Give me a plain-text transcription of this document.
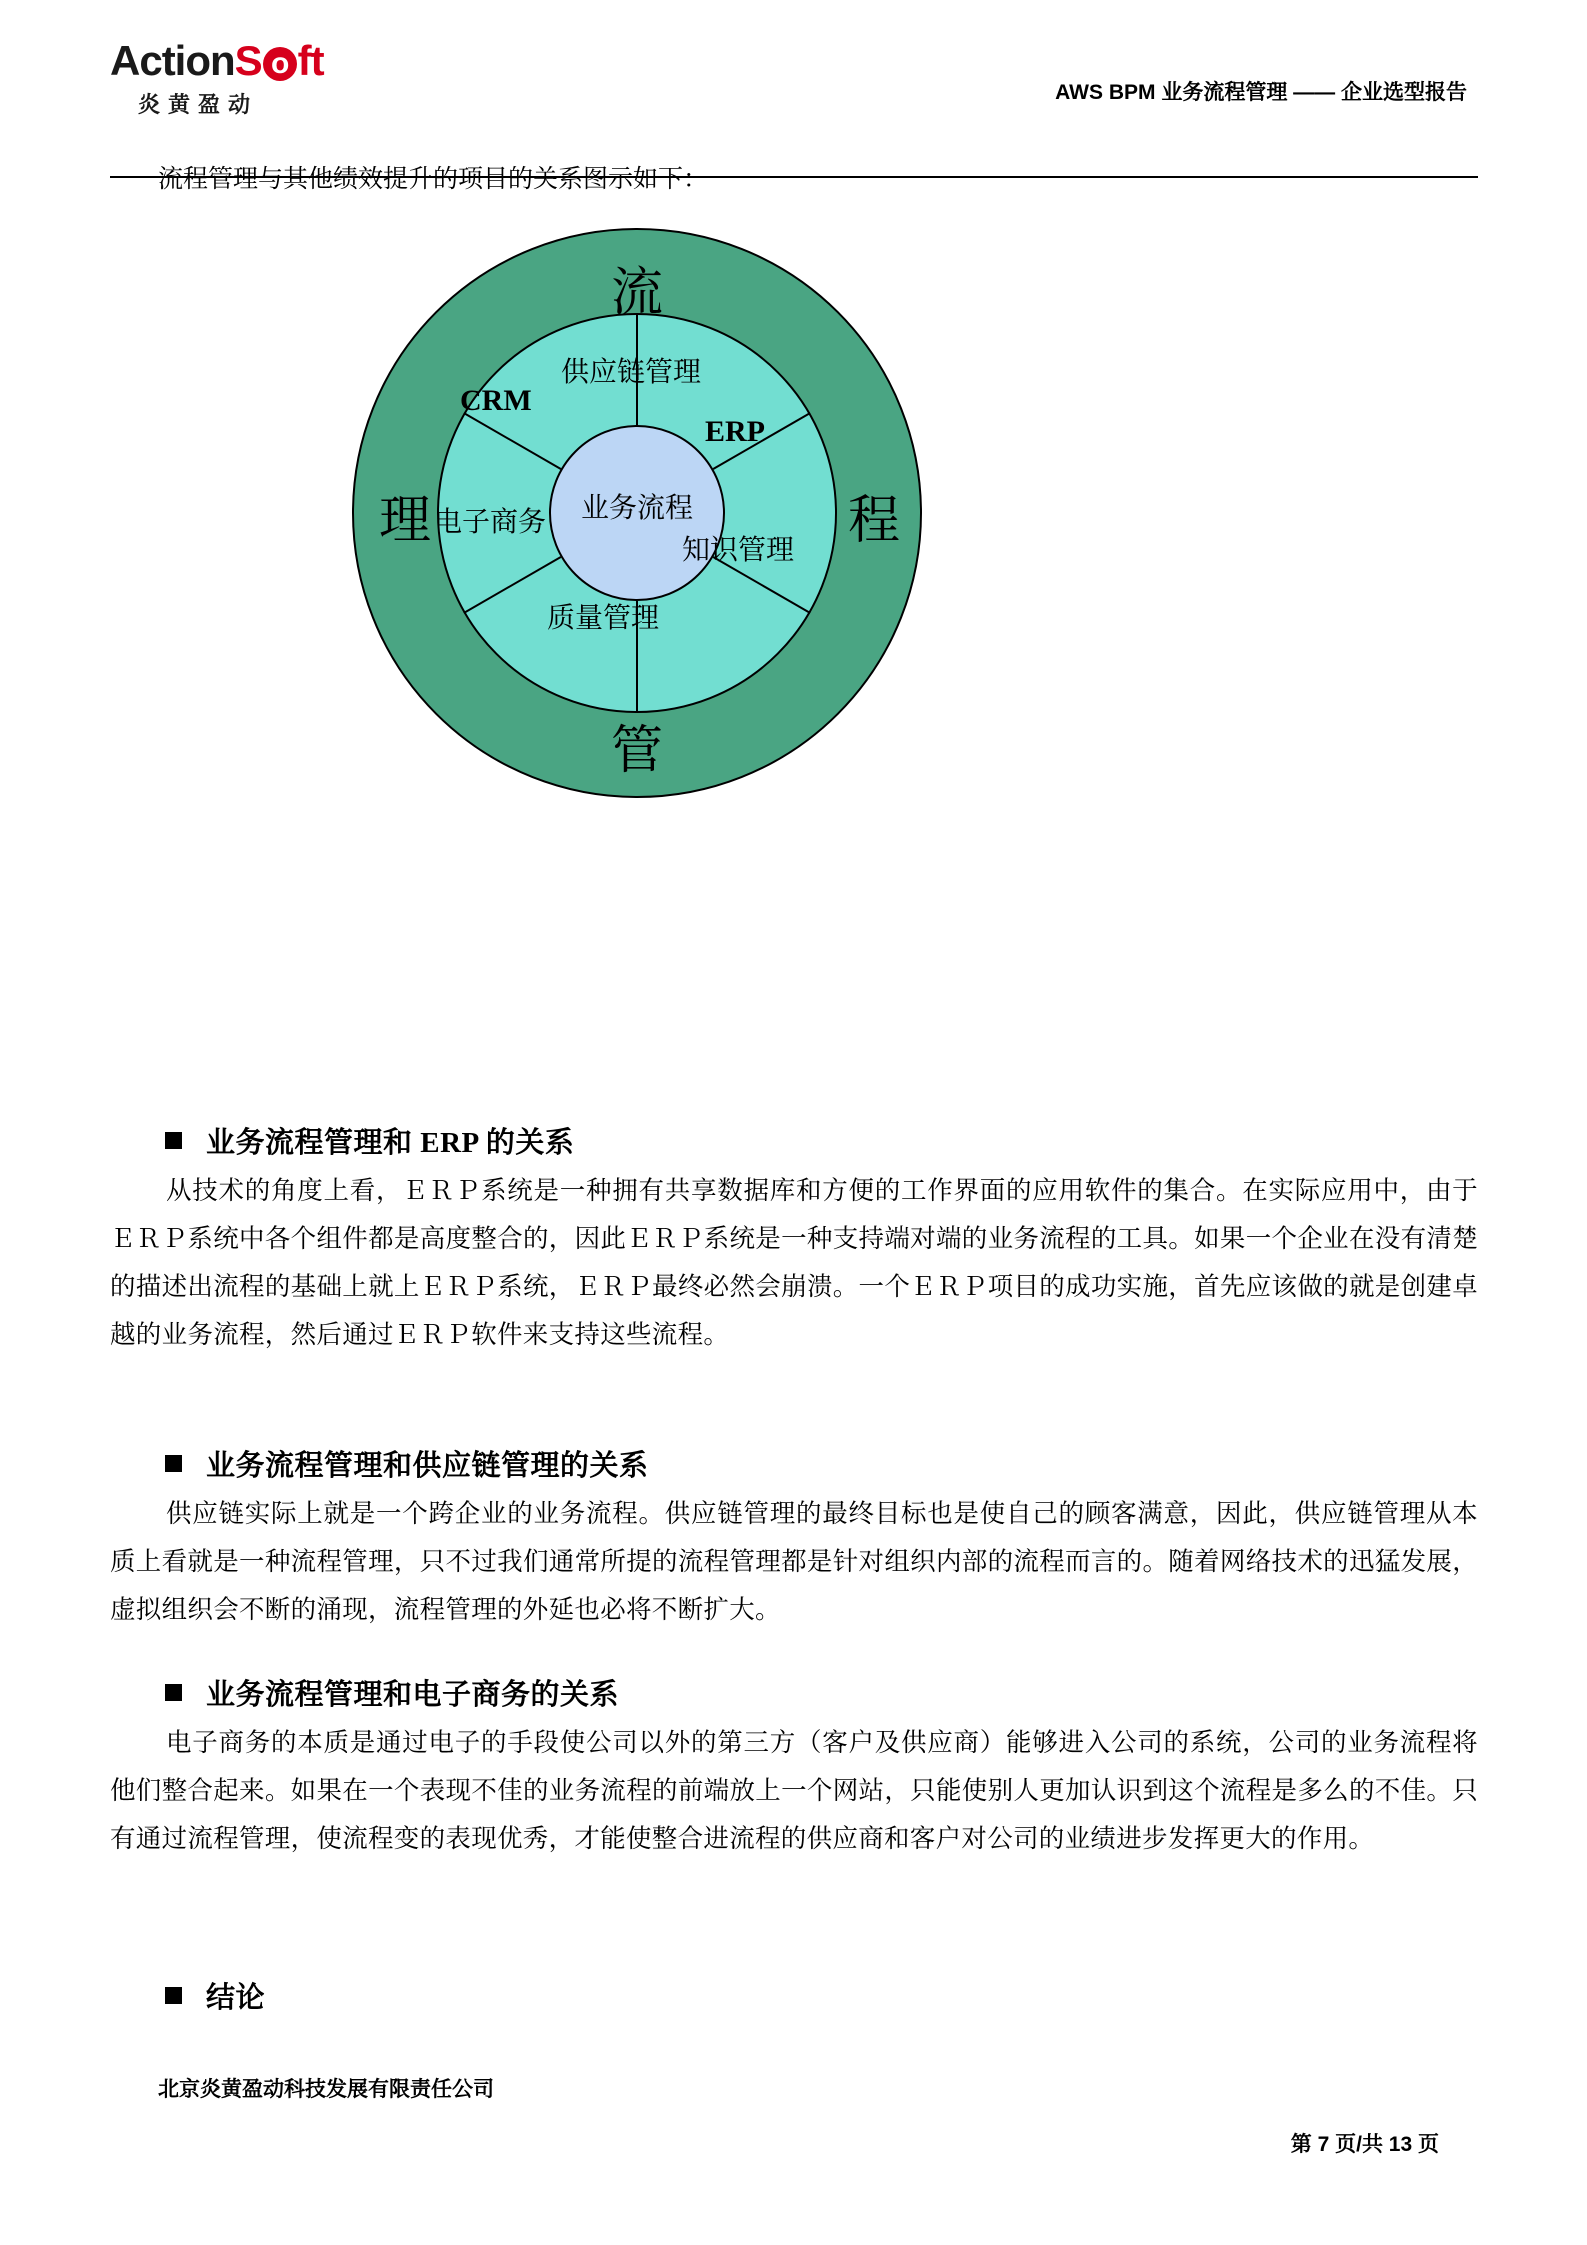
ActionS o ft
炎黄盈动	AWS BPM 业务流程管理 —— 企业选型报告
流程管理与其他绩效提升的项目的关系图示如下：
业务流程
流
程
管
理
供应链管理
ERP
知识管理
质量管理
电子商务
CRM
业务流程管理和 ERP 的关系

从技术的角度上看，ＥＲＰ系统是一种拥有共享数据库和方便的工作界面的应用软件的集合。在实际应用中，由于ＥＲＰ系统中各个组件都是高度整合的，因此ＥＲＰ系统是一种支持端对端的业务流程的工具。如果一个企业在没有清楚的描述出流程的基础上就上ＥＲＰ系统，ＥＲＰ最终必然会崩溃。一个ＥＲＰ项目的成功实施，首先应该做的就是创建卓越的业务流程，然后通过ＥＲＰ软件来支持这些流程。

业务流程管理和供应链管理的关系

供应链实际上就是一个跨企业的业务流程。供应链管理的最终目标也是使自己的顾客满意，因此，供应链管理从本质上看就是一种流程管理，只不过我们通常所提的流程管理都是针对组织内部的流程而言的。随着网络技术的迅猛发展，虚拟组织会不断的涌现，流程管理的外延也必将不断扩大。

业务流程管理和电子商务的关系

电子商务的本质是通过电子的手段使公司以外的第三方（客户及供应商）能够进入公司的系统，公司的业务流程将他们整合起来。如果在一个表现不佳的业务流程的前端放上一个网站，只能使别人更加认识到这个流程是多么的不佳。只有通过流程管理，使流程变的表现优秀，才能使整合进流程的供应商和客户对公司的业绩进步发挥更大的作用。

结论
北京炎黄盈动科技发展有限责任公司
第 7 页/共 13 页
